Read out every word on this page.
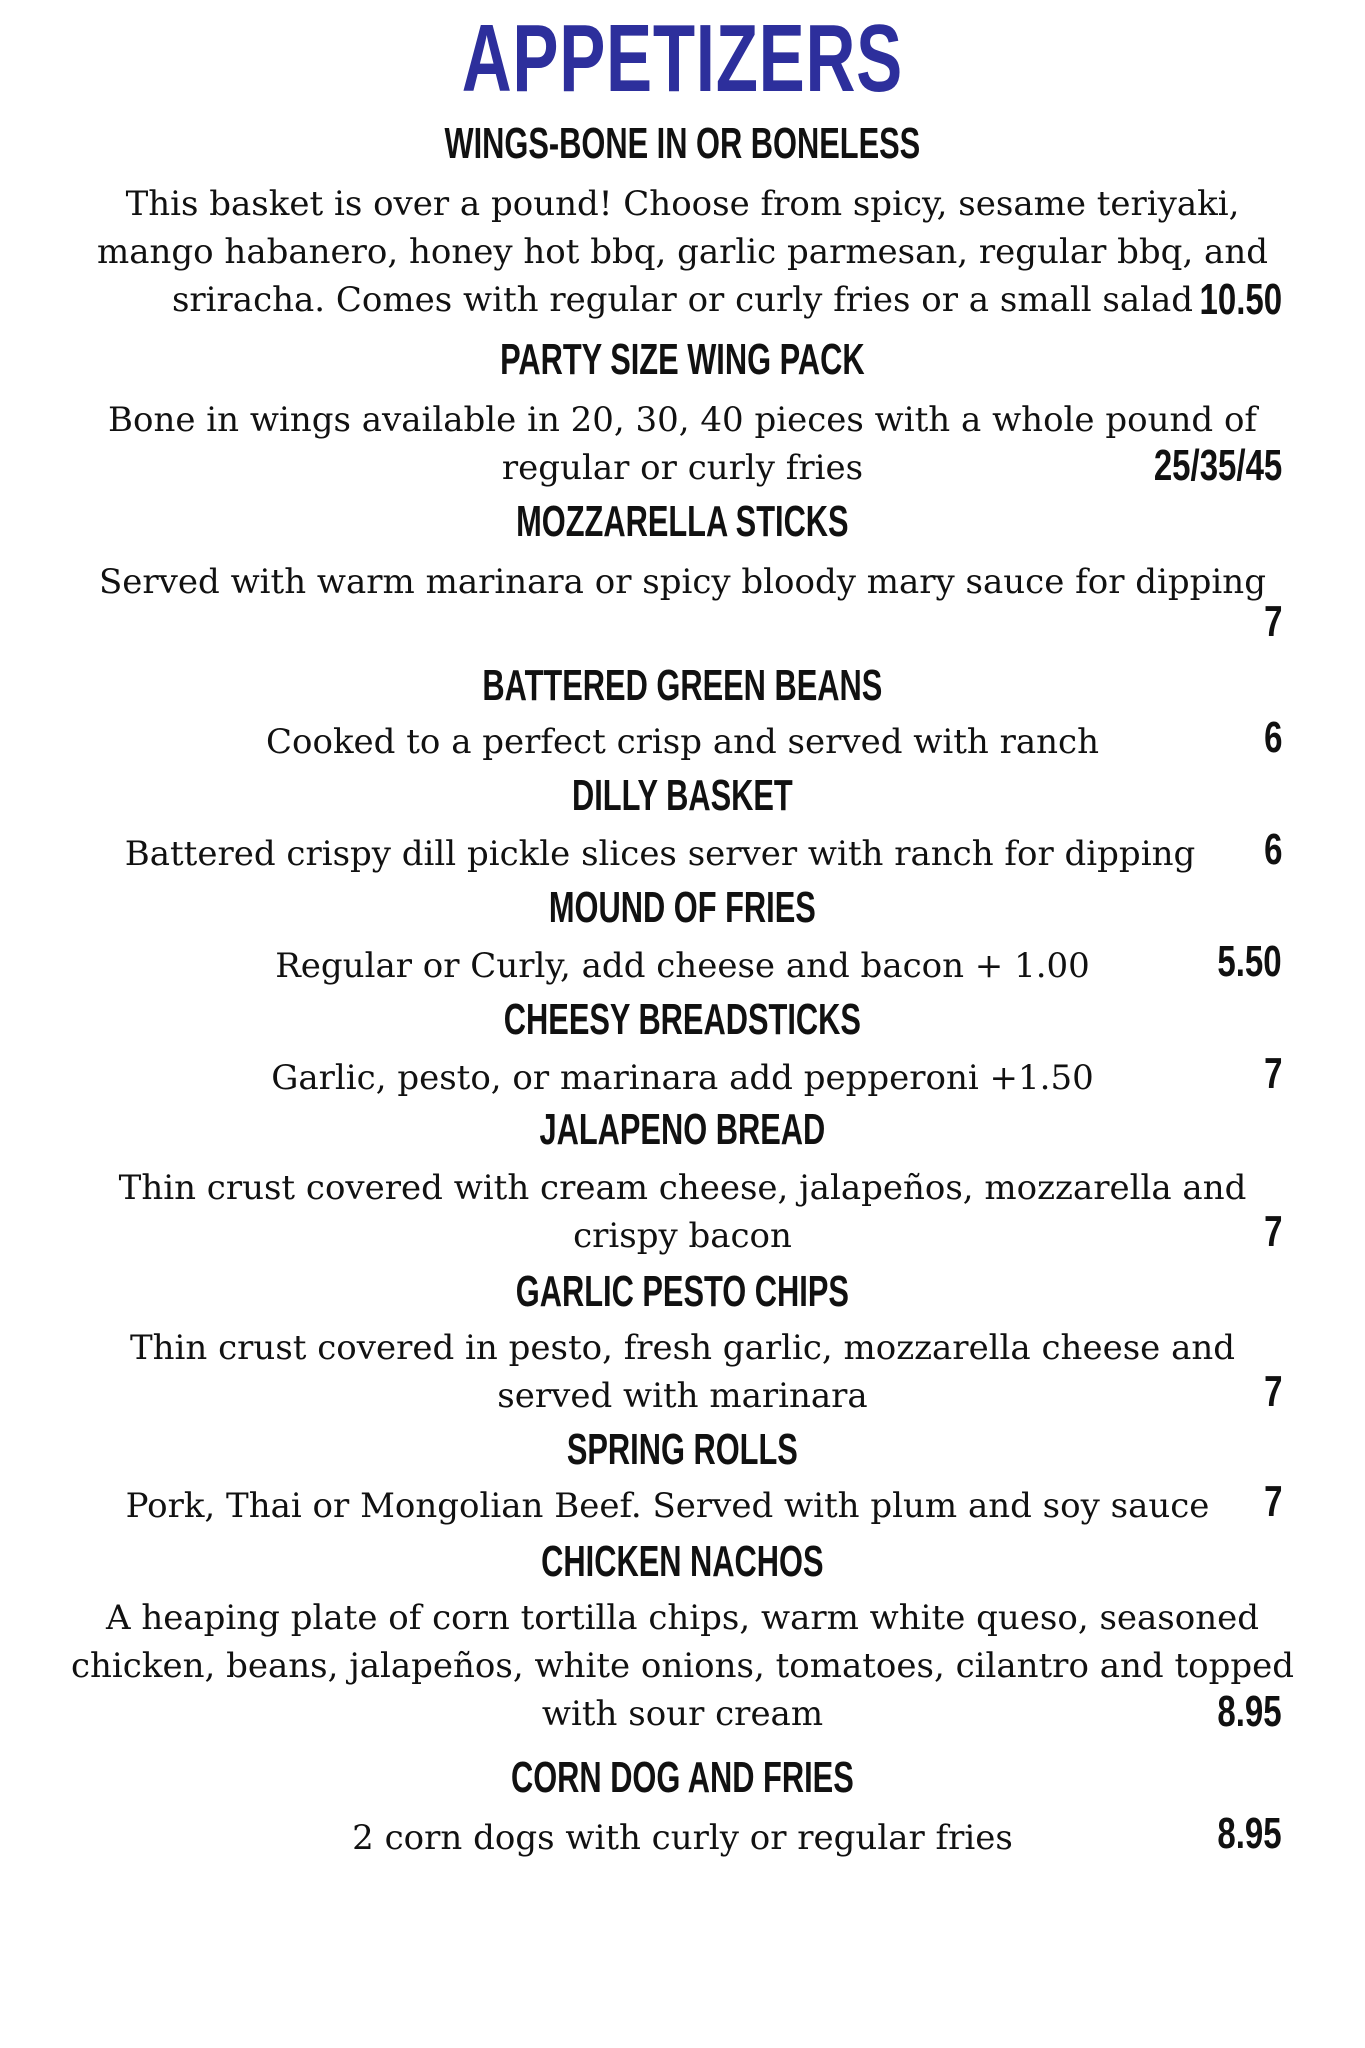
APPETIZERS
WINGS-BONE IN OR BONELESS
This basket is over a pound! Choose from spicy, sesame teriyaki, mango habanero, honey hot bbq, garlic parmesan, regular bbq, and sriracha. Comes with regular or curly fries or a small salad 10.50
PARTY SIZE WING PACK
Bone in wings available in 20, 30, 40 pieces with a whole pound of regular or curly fries	25/35/45
MOZZARELLA STICKS
Served with warm marinara or spicy bloody mary sauce for dipping
7
BATTERED GREEN BEANS
Cooked to a perfect crisp and served with ranch	6
DILLY BASKET
Battered crispy dill pickle slices server with ranch for dipping	6
MOUND OF FRIES
Regular or Curly, add cheese and bacon + 1.00	5.50
CHEESY BREADSTICKS
Garlic, pesto, or marinara add pepperoni +1.50	7
JALAPENO BREAD
Thin crust covered with cream cheese, jalapeños, mozzarella and crispy bacon	7
GARLIC PESTO CHIPS
Thin crust covered in pesto, fresh garlic, mozzarella cheese and served with marinara	7
SPRING ROLLS
Pork, Thai or Mongolian Beef. Served with plum and soy sauce	7
CHICKEN NACHOS
A heaping plate of corn tortilla chips, warm white queso, seasoned chicken, beans, jalapeños, white onions, tomatoes, cilantro and topped with sour cream	8.95
CORN DOG AND FRIES
2 corn dogs with curly or regular fries	8.95
